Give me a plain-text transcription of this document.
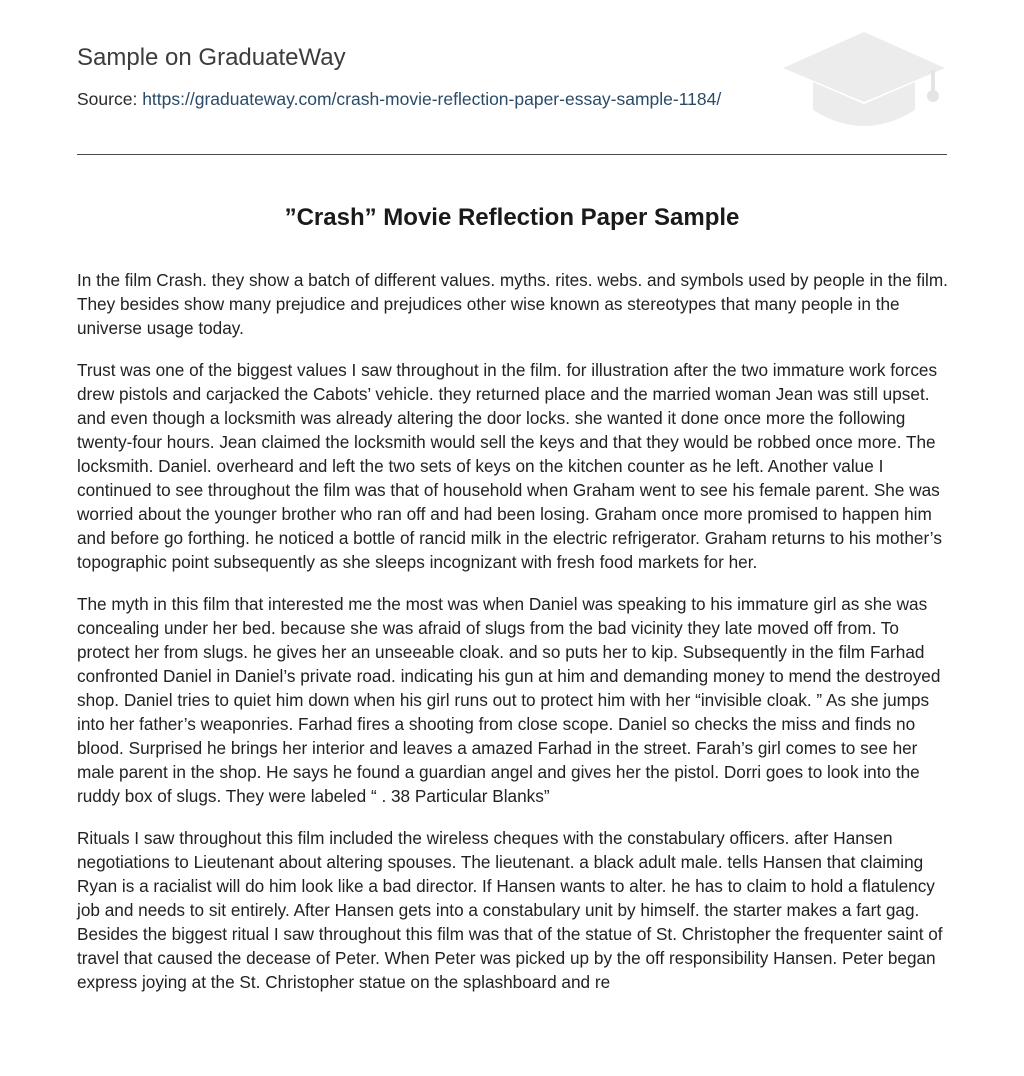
Sample on GraduateWay
Source: https://graduateway.com/crash-movie-reflection-paper-essay-sample-1184/
”Crash” Movie Reflection Paper Sample

In the film Crash. they show a batch of different values. myths. rites. webs. and symbols used by people in the film. They besides show many prejudice and prejudices other wise known as stereotypes that many people in the universe usage today.

Trust was one of the biggest values I saw throughout in the film. for illustration after the two immature work forces drew pistols and carjacked the Cabots’ vehicle. they returned place and the married woman Jean was still upset. and even though a locksmith was already altering the door locks. she wanted it done once more the following twenty-four hours. Jean claimed the locksmith would sell the keys and that they would be robbed once more. The locksmith. Daniel. overheard and left the two sets of keys on the kitchen counter as he left. Another value I continued to see throughout the film was that of household when Graham went to see his female parent. She was worried about the younger brother who ran off and had been losing. Graham once more promised to happen him and before go forthing. he noticed a bottle of rancid milk in the electric refrigerator. Graham returns to his mother’s topographic point subsequently as she sleeps incognizant with fresh food markets for her.

The myth in this film that interested me the most was when Daniel was speaking to his immature girl as she was concealing under her bed. because she was afraid of slugs from the bad vicinity they late moved off from. To protect her from slugs. he gives her an unseeable cloak. and so puts her to kip. Subsequently in the film Farhad confronted Daniel in Daniel’s private road. indicating his gun at him and demanding money to mend the destroyed shop. Daniel tries to quiet him down when his girl runs out to protect him with her “invisible cloak. ” As she jumps into her father’s weaponries. Farhad fires a shooting from close scope. Daniel so checks the miss and finds no blood. Surprised he brings her interior and leaves a amazed Farhad in the street. Farah’s girl comes to see her male parent in the shop. He says he found a guardian angel and gives her the pistol. Dorri goes to look into the ruddy box of slugs. They were labeled “ . 38 Particular Blanks”

Rituals I saw throughout this film included the wireless cheques with the constabulary officers. after Hansen negotiations to Lieutenant about altering spouses. The lieutenant. a black adult male. tells Hansen that claiming Ryan is a racialist will do him look like a bad director. If Hansen wants to alter. he has to claim to hold a flatulency job and needs to sit entirely. After Hansen gets into a constabulary unit by himself. the starter makes a fart gag. Besides the biggest ritual I saw throughout this film was that of the statue of St. Christopher the frequenter saint of travel that caused the decease of Peter. When Peter was picked up by the off responsibility Hansen. Peter began express joying at the St. Christopher statue on the splashboard and re
